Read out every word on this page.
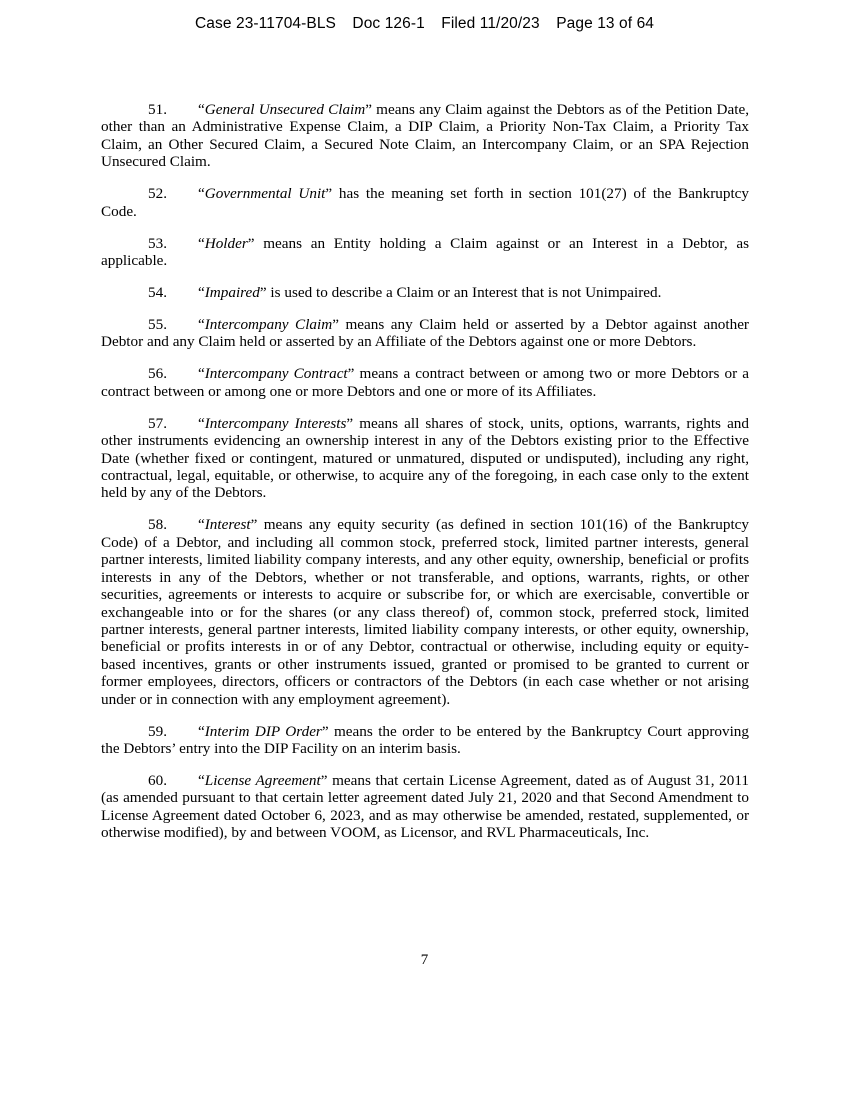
Case 23-11704-BLS Doc 126-1 Filed 11/20/23 Page 13 of 64

51. “General Unsecured Claim” means any Claim against the Debtors as of the Petition Date, other than an Administrative Expense Claim, a DIP Claim, a Priority Non-Tax Claim, a Priority Tax Claim, an Other Secured Claim, a Secured Note Claim, an Intercompany Claim, or an SPA Rejection Unsecured Claim.

52. “Governmental Unit” has the meaning set forth in section 101(27) of the Bankruptcy Code.

53. “Holder” means an Entity holding a Claim against or an Interest in a Debtor, as applicable.

54. “Impaired” is used to describe a Claim or an Interest that is not Unimpaired.

55. “Intercompany Claim” means any Claim held or asserted by a Debtor against another Debtor and any Claim held or asserted by an Affiliate of the Debtors against one or more Debtors.

56. “Intercompany Contract” means a contract between or among two or more Debtors or a contract between or among one or more Debtors and one or more of its Affiliates.

57. “Intercompany Interests” means all shares of stock, units, options, warrants, rights and other instruments evidencing an ownership interest in any of the Debtors existing prior to the Effective Date (whether fixed or contingent, matured or unmatured, disputed or undisputed), including any right, contractual, legal, equitable, or otherwise, to acquire any of the foregoing, in each case only to the extent held by any of the Debtors.

58. “Interest” means any equity security (as defined in section 101(16) of the Bankruptcy Code) of a Debtor, and including all common stock, preferred stock, limited partner interests, general partner interests, limited liability company interests, and any other equity, ownership, beneficial or profits interests in any of the Debtors, whether or not transferable, and options, warrants, rights, or other securities, agreements or interests to acquire or subscribe for, or which are exercisable, convertible or exchangeable into or for the shares (or any class thereof) of, common stock, preferred stock, limited partner interests, general partner interests, limited liability company interests, or other equity, ownership, beneficial or profits interests in or of any Debtor, contractual or otherwise, including equity or equity-based incentives, grants or other instruments issued, granted or promised to be granted to current or former employees, directors, officers or contractors of the Debtors (in each case whether or not arising under or in connection with any employment agreement).

59. “Interim DIP Order” means the order to be entered by the Bankruptcy Court approving the Debtors’ entry into the DIP Facility on an interim basis.

60. “License Agreement” means that certain License Agreement, dated as of August 31, 2011 (as amended pursuant to that certain letter agreement dated July 21, 2020 and that Second Amendment to License Agreement dated October 6, 2023, and as may otherwise be amended, restated, supplemented, or otherwise modified), by and between VOOM, as Licensor, and RVL Pharmaceuticals, Inc.

7
